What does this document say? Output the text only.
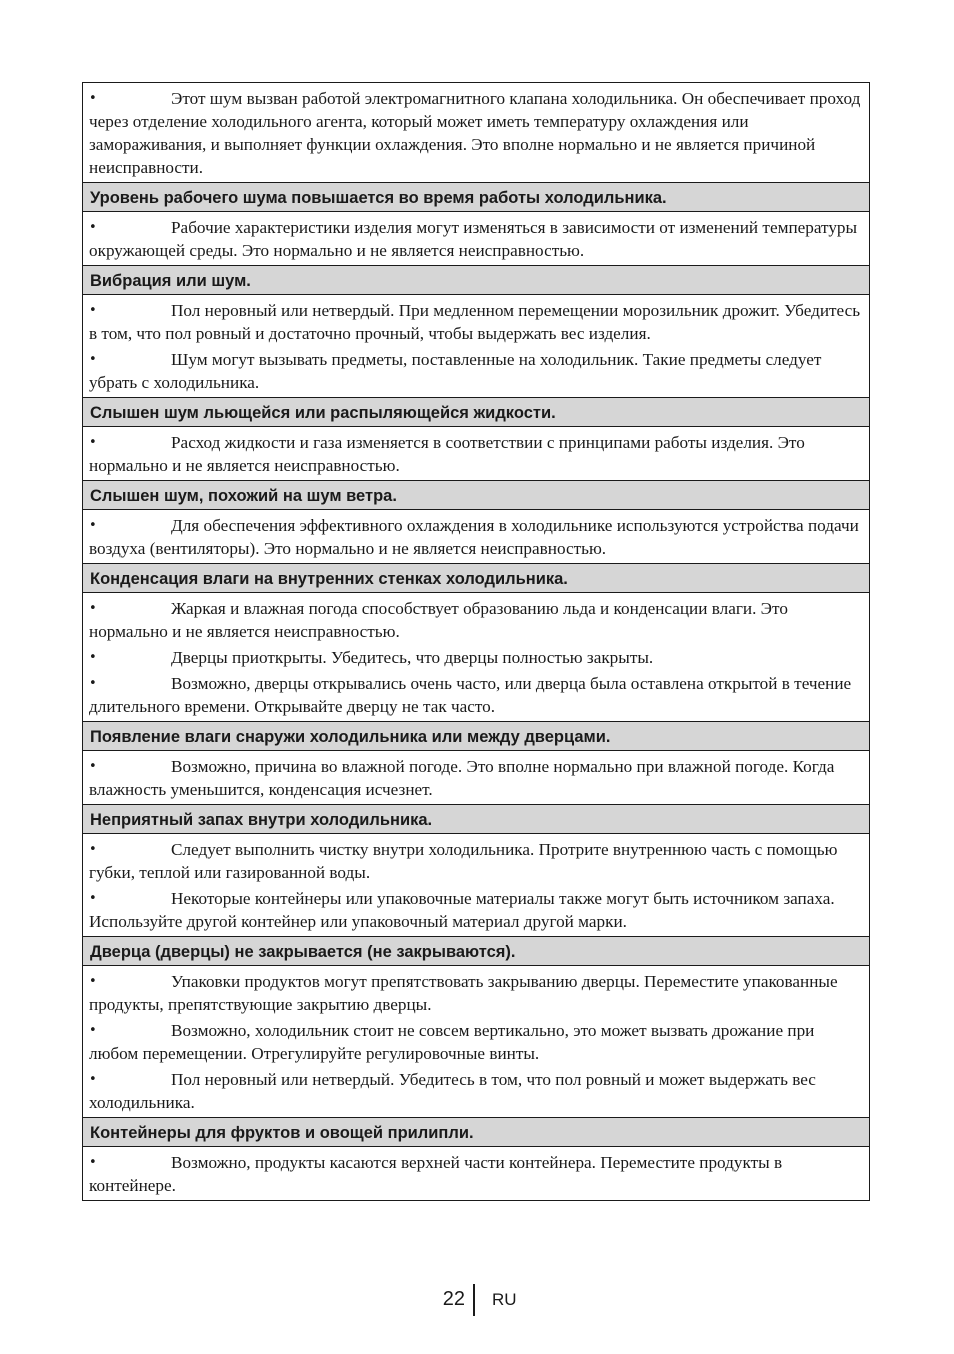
•	Этот шум вызван работой электромагнитного клапана холодильника. Он обеспечивает проход через отделение холодильного агента, который может иметь температуру охлаждения или замораживания, и выполняет функции охлаждения. Это вполне нормально и не является причиной неисправности.
Уровень рабочего шума повышается во время работы холодильника.
•	Рабочие характеристики изделия могут изменяться в зависимости от изменений температуры окружающей среды. Это нормально и не является неисправностью.
Вибрация или шум.
•	Пол неровный или нетвердый. При медленном перемещении морозильник дрожит. Убедитесь в том, что пол ровный и достаточно прочный, чтобы выдержать вес изделия.
•	Шум могут вызывать предметы, поставленные на холодильник. Такие предметы следует убрать с холодильника.
Слышен шум льющейся или распыляющейся жидкости.
•	Расход жидкости и газа изменяется в соответствии с принципами работы изделия. Это нормально и не является неисправностью.
Слышен шум, похожий на шум ветра.
•	Для обеспечения эффективного охлаждения в холодильнике используются устройства подачи воздуха (вентиляторы). Это нормально и не является неисправностью.
Конденсация влаги на внутренних стенках холодильника.
•	Жаркая и влажная погода способствует образованию льда и конденсации влаги. Это нормально и не является неисправностью.
•	Дверцы приоткрыты. Убедитесь, что дверцы полностью закрыты.
•	Возможно, дверцы открывались очень часто, или дверца была оставлена открытой в течение длительного времени. Открывайте дверцу не так часто.
Появление влаги снаружи холодильника или между дверцами.
•	Возможно, причина во влажной погоде. Это вполне нормально при влажной погоде. Когда влажность уменьшится, конденсация исчезнет.
Неприятный запах внутри холодильника.
•	Следует выполнить чистку внутри холодильника. Протрите внутреннюю часть с помощью губки, теплой или газированной воды.
•	Некоторые контейнеры или упаковочные материалы также могут быть источником запаха. Используйте другой контейнер или упаковочный материал другой марки.
Дверца (дверцы) не закрывается (не закрываются).
•	Упаковки продуктов могут препятствовать закрыванию дверцы. Переместите упакованные продукты, препятствующие закрытию дверцы.
•	Возможно, холодильник стоит не совсем вертикально, это может вызвать дрожание при любом перемещении. Отрегулируйте регулировочные винты.
•	Пол неровный или нетвердый. Убедитесь в том, что пол ровный и может выдержать вес холодильника.
Контейнеры для фруктов и овощей прилипли.
•	Возможно, продукты касаются верхней части контейнера. Переместите продукты в контейнере.
22 RU
